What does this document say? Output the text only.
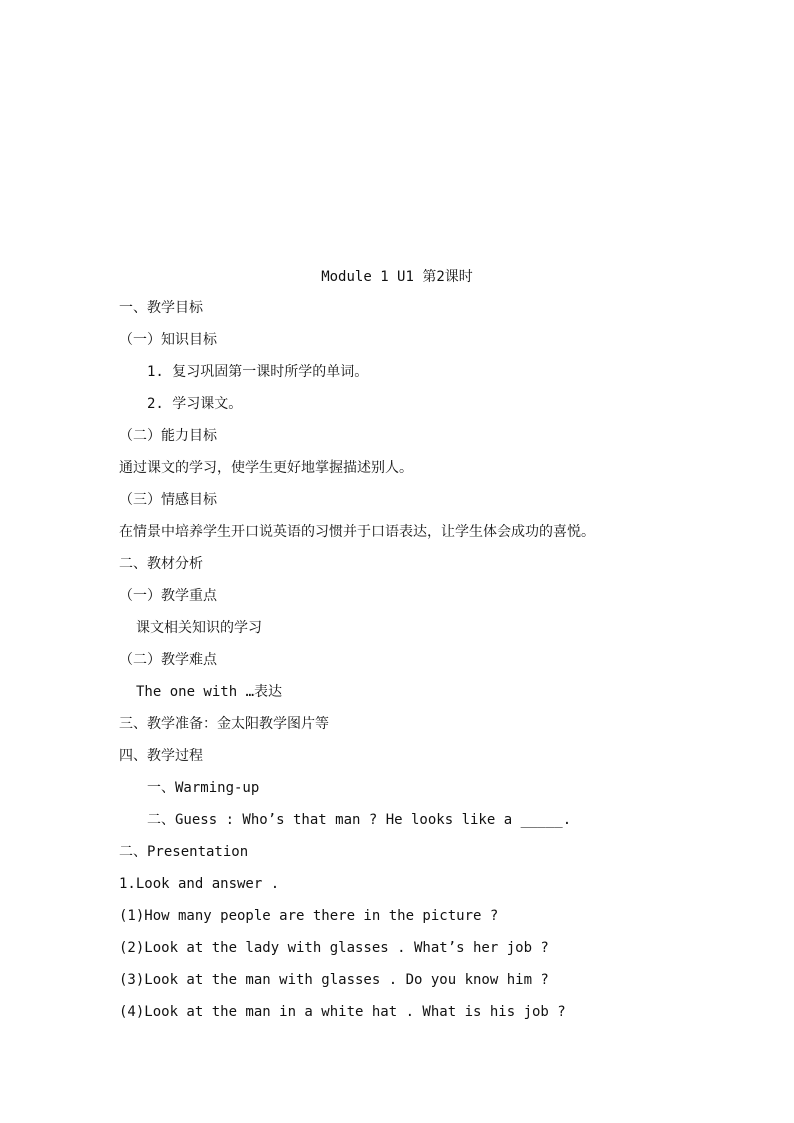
Module 1 U1 第2课时
一、教学目标
（一）知识目标
1. 复习巩固第一课时所学的单词。
2. 学习课文。
（二）能力目标
通过课文的学习，使学生更好地掌握描述别人。
（三）情感目标
在情景中培养学生开口说英语的习惯并于口语表达，让学生体会成功的喜悦。
二、教材分析
（一）教学重点
课文相关知识的学习
（二）教学难点
The one with …表达
三、教学准备：金太阳教学图片等
四、教学过程
一、Warming-up
二、Guess : Who’s that man ? He looks like a _____.
二、Presentation
1.Look and answer .
(1)How many people are there in the picture ?
(2)Look at the lady with glasses . What’s her job ?
(3)Look at the man with glasses . Do you know him ?
(4)Look at the man in a white hat . What is his job ?
